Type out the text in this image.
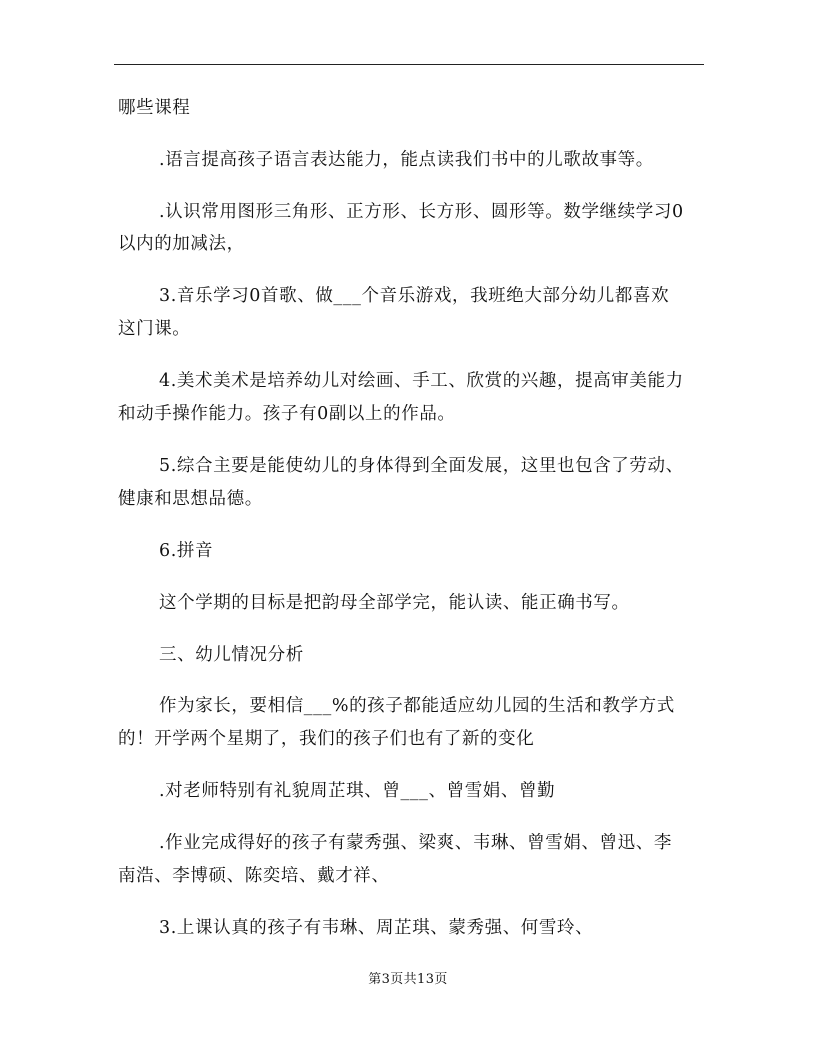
哪些课程
.语言提高孩子语言表达能力，能点读我们书中的儿歌故事等。
.认识常用图形三角形、正方形、长方形、圆形等。数学继续学习0
以内的加减法，
3.音乐学习0首歌、做___个音乐游戏，我班绝大部分幼儿都喜欢
这门课。
4.美术美术是培养幼儿对绘画、手工、欣赏的兴趣，提高审美能力
和动手操作能力。孩子有0副以上的作品。
5.综合主要是能使幼儿的身体得到全面发展，这里也包含了劳动、
健康和思想品德。
6.拼音
这个学期的目标是把韵母全部学完，能认读、能正确书写。
三、幼儿情况分析
作为家长，要相信___%的孩子都能适应幼儿园的生活和教学方式
的！开学两个星期了，我们的孩子们也有了新的变化
.对老师特别有礼貌周芷琪、曾___、曾雪娟、曾勤
.作业完成得好的孩子有蒙秀强、梁爽、韦琳、曾雪娟、曾迅、李
南浩、李博硕、陈奕培、戴才祥、
3.上课认真的孩子有韦琳、周芷琪、蒙秀强、何雪玲、
第3页共13页
